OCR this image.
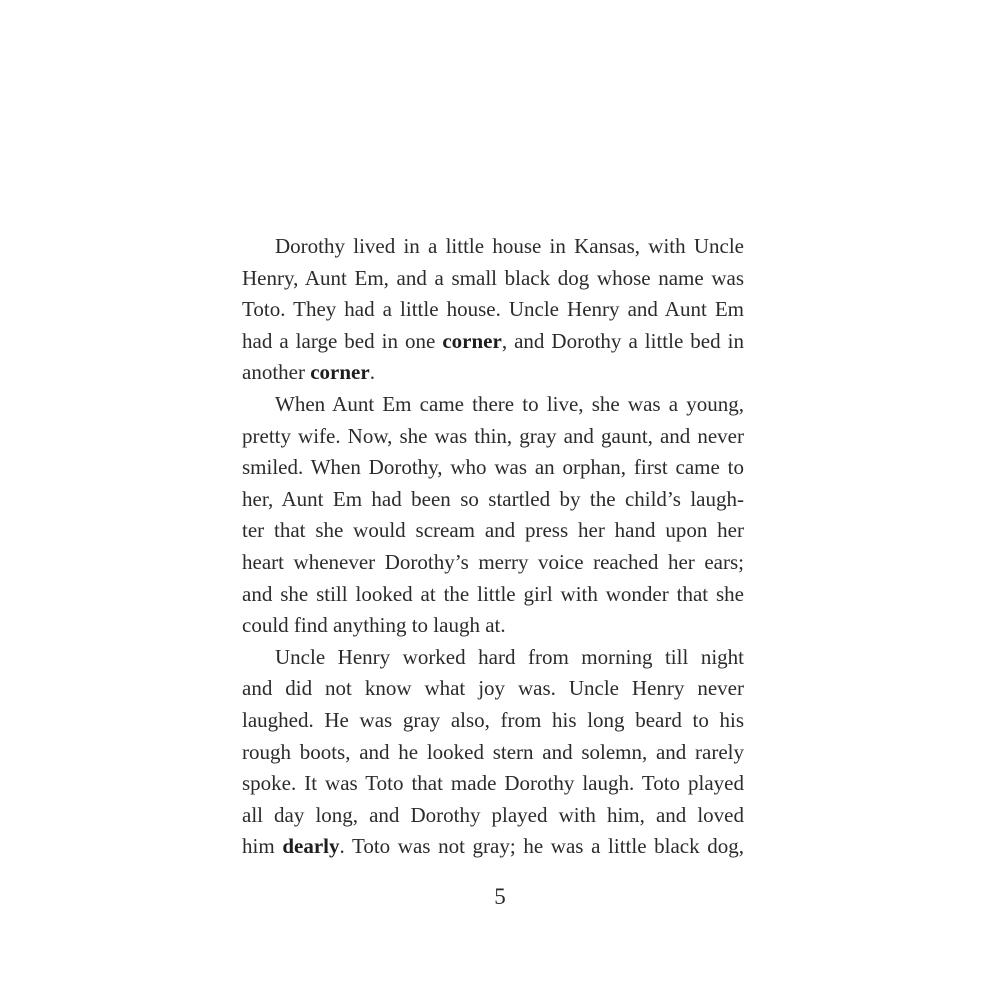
Dorothy lived in a little house in Kansas, with Uncle
Henry, Aunt Em, and a small black dog whose name was
Toto. They had a little house. Uncle Henry and Aunt Em
had a large bed in one corner, and Dorothy a little bed in
another corner.
When Aunt Em came there to live, she was a young,
pretty wife. Now, she was thin, gray and gaunt, and never
smiled. When Dorothy, who was an orphan, first came to
her, Aunt Em had been so startled by the child’s laugh-
ter that she would scream and press her hand upon her
heart whenever Dorothy’s merry voice reached her ears;
and she still looked at the little girl with wonder that she
could find anything to laugh at.
Uncle Henry worked hard from morning till night
and did not know what joy was. Uncle Henry never
laughed. He was gray also, from his long beard to his
rough boots, and he looked stern and solemn, and rarely
spoke. It was Toto that made Dorothy laugh. Toto played
all day long, and Dorothy played with him, and loved
him dearly. Toto was not gray; he was a little black dog,
5
